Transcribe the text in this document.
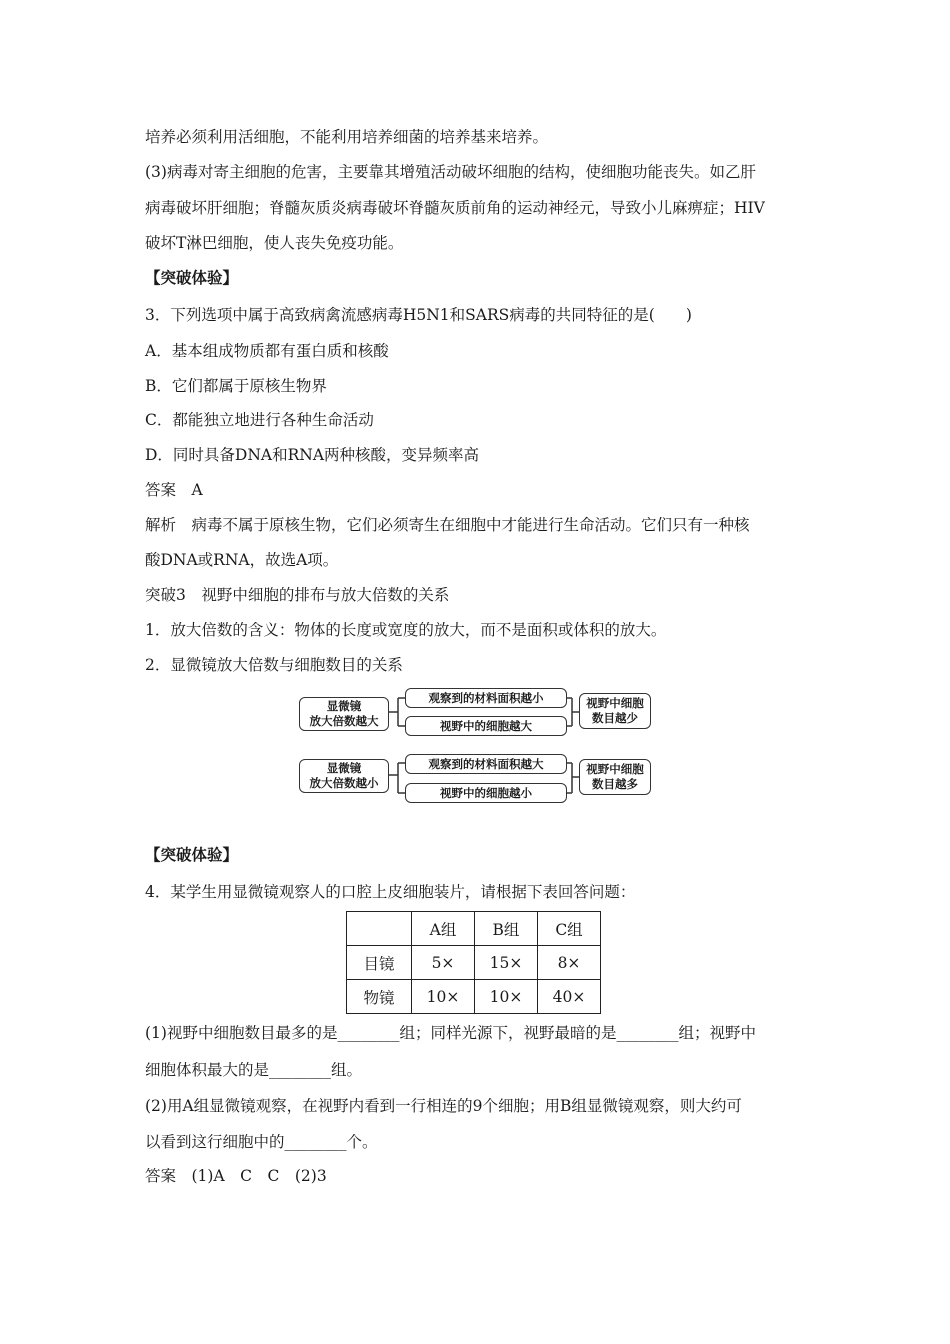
培养必须利用活细胞，不能利用培养细菌的培养基来培养。
(3)病毒对寄主细胞的危害，主要靠其增殖活动破坏细胞的结构，使细胞功能丧失。如乙肝
病毒破坏肝细胞；脊髓灰质炎病毒破坏脊髓灰质前角的运动神经元，导致小儿麻痹症；HIV
破坏T淋巴细胞，使人丧失免疫功能。
【突破体验】
3．下列选项中属于高致病禽流感病毒H5N1和SARS病毒的共同特征的是(　　)
A．基本组成物质都有蛋白质和核酸
B．它们都属于原核生物界
C．都能独立地进行各种生命活动
D．同时具备DNA和RNA两种核酸，变异频率高
答案　A
解析　病毒不属于原核生物，它们必须寄生在细胞中才能进行生命活动。它们只有一种核
酸DNA或RNA，故选A项。
突破3　视野中细胞的排布与放大倍数的关系
1．放大倍数的含义：物体的长度或宽度的放大，而不是面积或体积的放大。
2．显微镜放大倍数与细胞数目的关系
显微镜
放大倍数越大
观察到的材料面积越小
视野中的细胞越大
视野中细胞
数目越少
显微镜
放大倍数越小
观察到的材料面积越大
视野中的细胞越小
视野中细胞
数目越多
【突破体验】
4．某学生用显微镜观察人的口腔上皮细胞装片，请根据下表回答问题：
	A组	B组	C组
目镜	5×	15×	8×
物镜	10×	10×	40×
(1)视野中细胞数目最多的是________组；同样光源下，视野最暗的是________组；视野中
细胞体积最大的是________组。
(2)用A组显微镜观察，在视野内看到一行相连的9个细胞；用B组显微镜观察，则大约可
以看到这行细胞中的________个。
答案　(1)A　C　C　(2)3
